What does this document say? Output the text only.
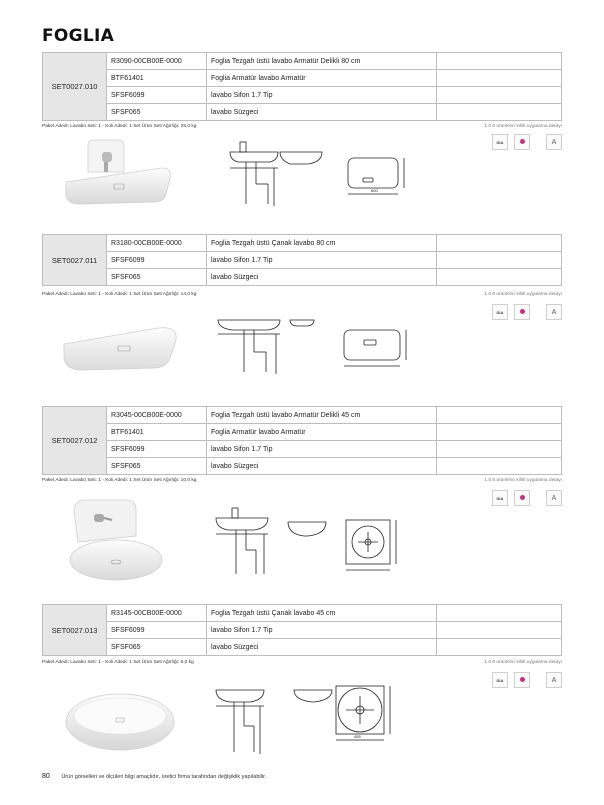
FOGLIA
SET0027.010	R3090-00CB00E-0000	Foglia Tezgah üstü lavabo Armatür Delikli 80 cm	
	BTF61401	Foglia Armatür lavabo Armatür	
	SFSF6099	lavabo Sifon 1.7 Tip	
	SFSF065	lavabo Süzgeci	
Paket Adedi: Lavabo Seti: 1 - Koli Adedi: 1 Set Ürün Seti Ağırlığı: 25,0 kg	1.0.6 ürünlerin kilitli uygulama detayı
600
IDA	A
SET0027.011	R3180-00CB00E-0000	Foglia Tezgah üstü Çanak lavabo 80 cm	
	SFSF6099	lavabo Sifon 1.7 Tip	
	SFSF065	lavabo Süzgeci	
Paket Adedi: Lavabo Seti: 1 - Koli Adedi: 1 Set Ürün Seti Ağırlığı: 14,0 kg	1.0.6 ürünlerin kilitli uygulama detayı
IDA	A
SET0027.012	R3045-00CB00E-0000	Foglia Tezgah üstü lavabo Armatür Delikli 45 cm	
	BTF61401	Foglia Armatür lavabo Armatür	
	SFSF6099	lavabo Sifon 1.7 Tip	
	SFSF065	lavabo Süzgeci	
Paket Adedi: Lavabo Seti: 1 - Koli Adedi: 1 Set Ürün Seti Ağırlığı: 10,0 kg	1.0.6 ürünlerin kilitli uygulama detayı
IDA	A
SET0027.013	R3145-00CB00E-0000	Foglia Tezgah üstü Çanak lavabo 45 cm	
	SFSF6099	lavabo Sifon 1.7 Tip	
	SFSF065	lavabo Süzgeci	
Paket Adedi: Lavabo Seti: 1 - Koli Adedi: 1 Set Ürün Seti Ağırlığı: 6,0 kg	1.0.6 ürünlerin kilitli uygulama detayı
455
IDA	A
80 Ürün görselleri ve ölçüleri bilgi amaçlıdır, üretici firma tarafından değişiklik yapılabilir.
